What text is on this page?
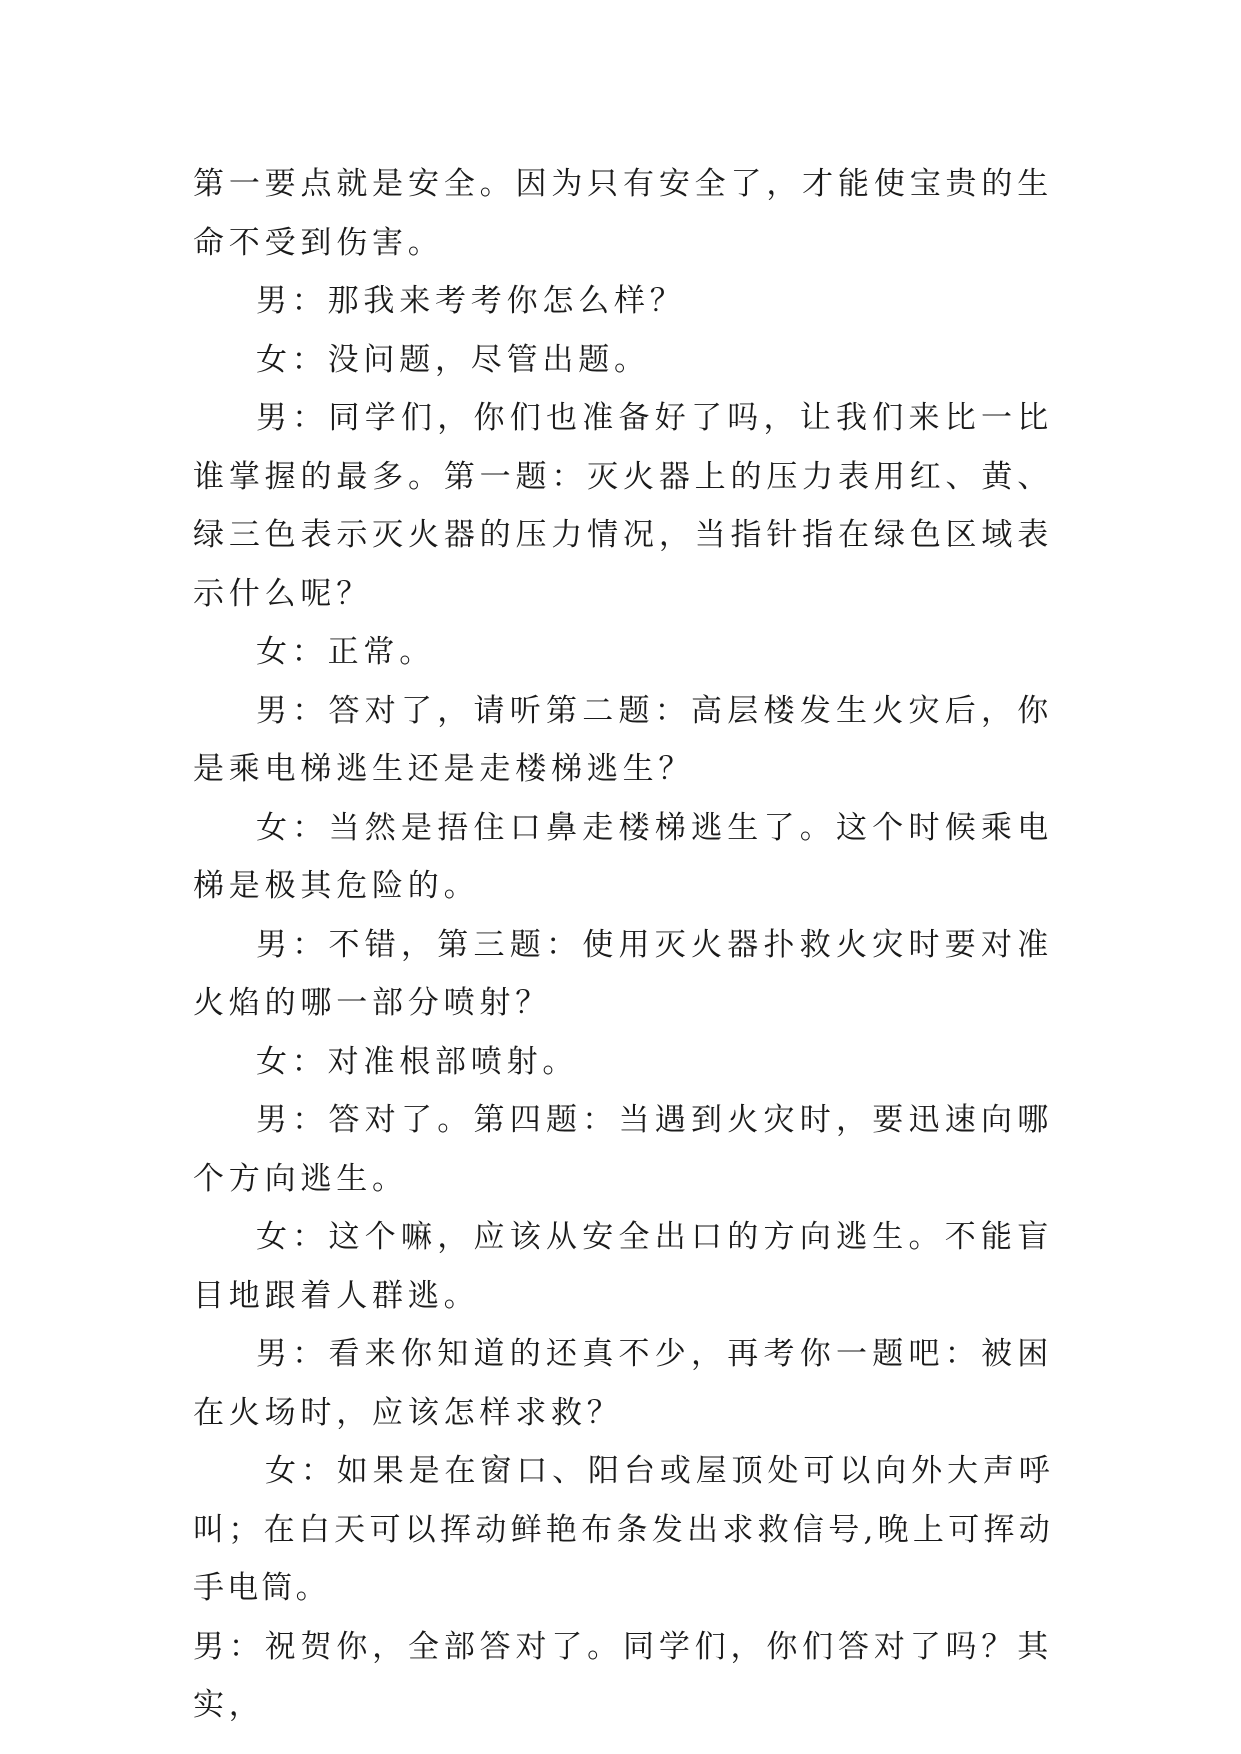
第一要点就是安全。因为只有安全了，才能使宝贵的生命不受到伤害。

男：那我来考考你怎么样？

女：没问题，尽管出题。

男：同学们，你们也准备好了吗，让我们来比一比谁掌握的最多。第一题：灭火器上的压力表用红、黄、绿三色表示灭火器的压力情况，当指针指在绿色区域表示什么呢？

女：正常。

男：答对了，请听第二题：高层楼发生火灾后，你是乘电梯逃生还是走楼梯逃生？

女：当然是捂住口鼻走楼梯逃生了。这个时候乘电梯是极其危险的。

男：不错，第三题：使用灭火器扑救火灾时要对准火焰的哪一部分喷射？

女：对准根部喷射。

男：答对了。第四题：当遇到火灾时，要迅速向哪个方向逃生。

女：这个嘛，应该从安全出口的方向逃生。不能盲目地跟着人群逃。

男：看来你知道的还真不少，再考你一题吧：被困在火场时，应该怎样求救？

女：如果是在窗口、阳台或屋顶处可以向外大声呼叫；在白天可以挥动鲜艳布条发出求救信号,晚上可挥动手电筒。

男：祝贺你，全部答对了。同学们，你们答对了吗？其实，
